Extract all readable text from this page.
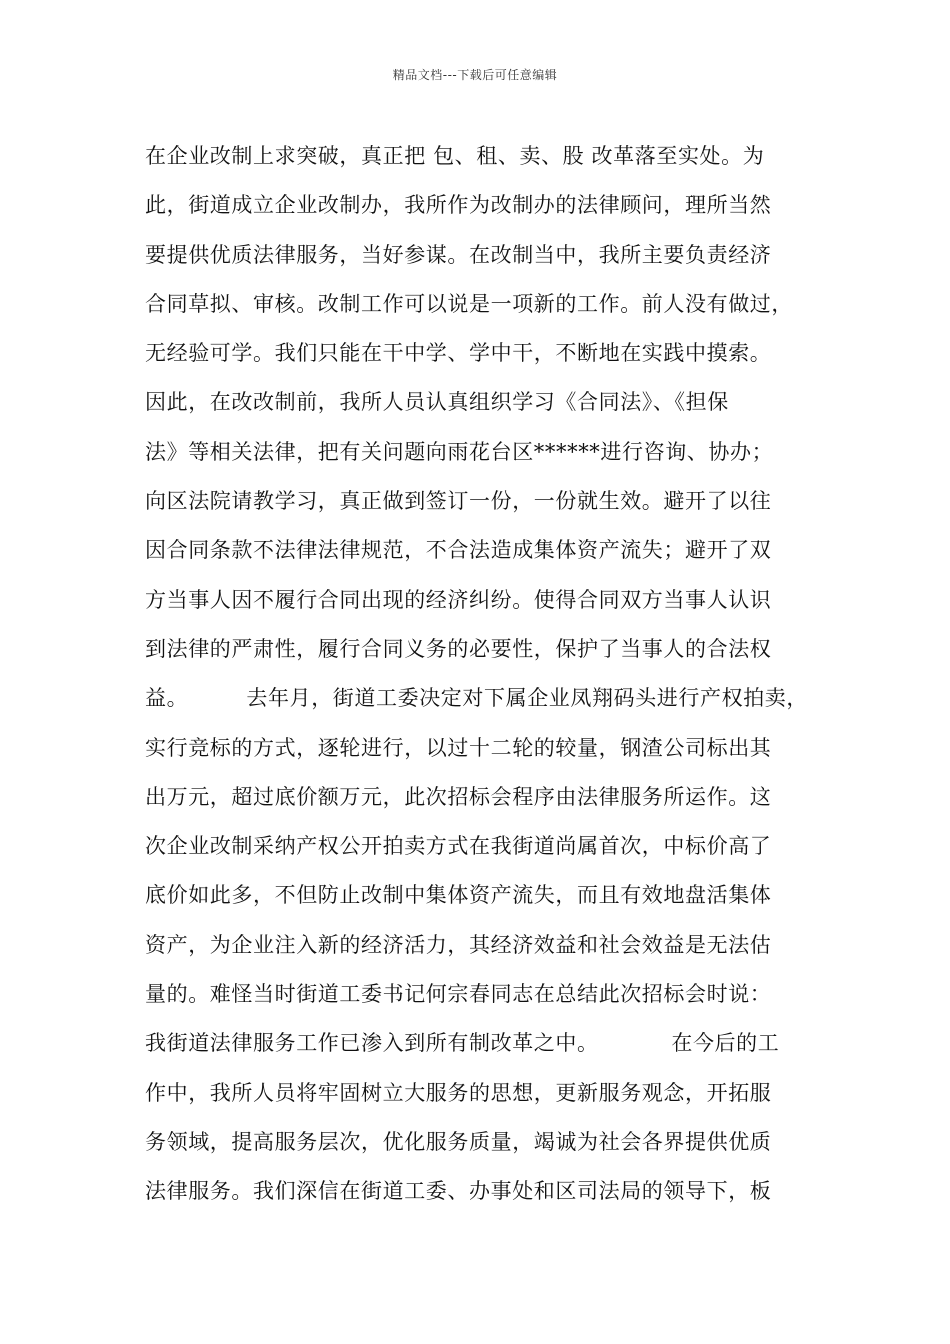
精品文档---下载后可任意编辑
在企业改制上求突破，真正把 包、租、卖、股 改革落至实处。为
此，街道成立企业改制办，我所作为改制办的法律顾问，理所当然
要提供优质法律服务，当好参谋。在改制当中，我所主要负责经济
合同草拟、审核。改制工作可以说是一项新的工作。前人没有做过，
无经验可学。我们只能在干中学、学中干，不断地在实践中摸索。
因此，在改改制前，我所人员认真组织学习《合同法》、《担保
法》等相关法律，把有关问题向雨花台区******进行咨询、协办；
向区法院请教学习，真正做到签订一份，一份就生效。避开了以往
因合同条款不法律法律规范，不合法造成集体资产流失；避开了双
方当事人因不履行合同出现的经济纠纷。使得合同双方当事人认识
到法律的严肃性，履行合同义务的必要性，保护了当事人的合法权
益。        去年月，街道工委决定对下属企业凤翔码头进行产权拍卖，
实行竞标的方式，逐轮进行，以过十二轮的较量，钢渣公司标出其
出万元，超过底价额万元，此次招标会程序由法律服务所运作。这
次企业改制采纳产权公开拍卖方式在我街道尚属首次，中标价高了
底价如此多，不但防止改制中集体资产流失，而且有效地盘活集体
资产，为企业注入新的经济活力，其经济效益和社会效益是无法估
量的。难怪当时街道工委书记何宗春同志在总结此次招标会时说：
我街道法律服务工作已渗入到所有制改革之中。          在今后的工
作中，我所人员将牢固树立大服务的思想，更新服务观念，开拓服
务领域，提高服务层次，优化服务质量，竭诚为社会各界提供优质
法律服务。我们深信在街道工委、办事处和区司法局的领导下，板
